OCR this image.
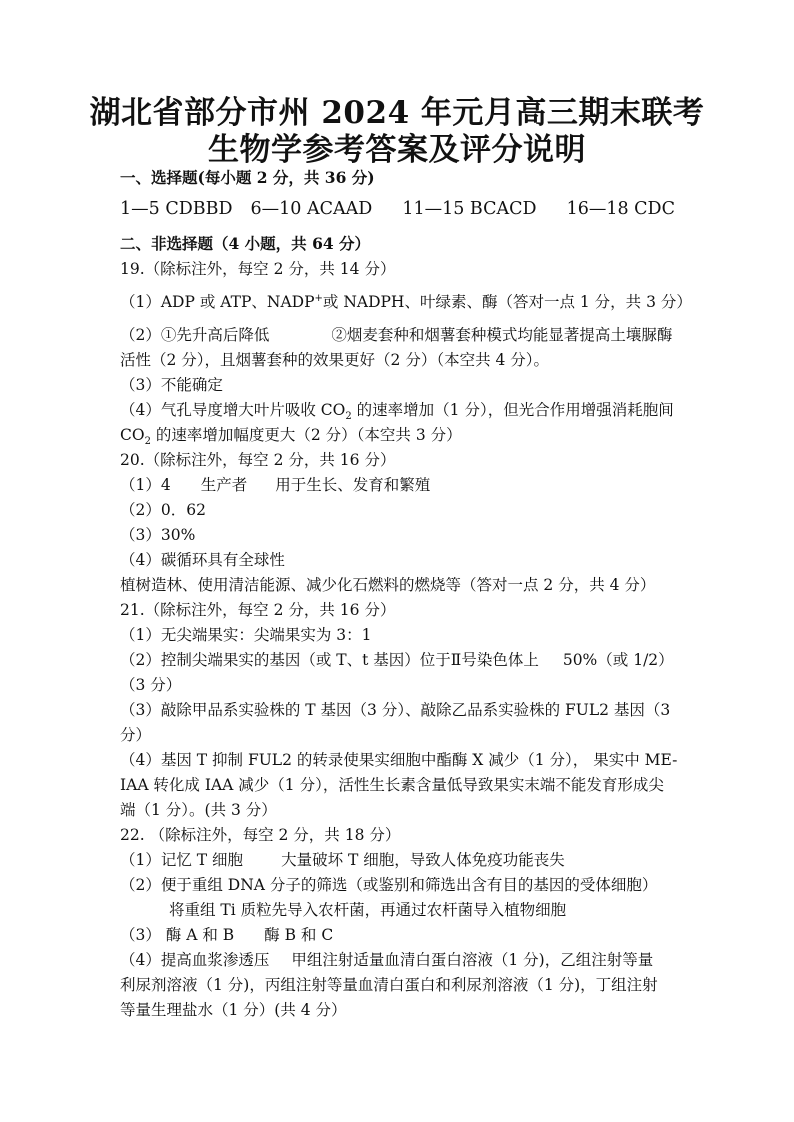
湖北省部分市州 2024 年元月高三期末联考
生物学参考答案及评分说明
一、选择题(每小题 2 分，共 36 分)
1—5 CDBBD 6—10 ACAAD 11—15 BCACD 16—18 CDC
二、非选择题（4 小题，共 64 分）
19.（除标注外，每空 2 分，共 14 分）
（1）ADP 或 ATP、NADP+或 NADPH、叶绿素、酶（答对一点 1 分，共 3 分）
（2）①先升高后降低	②烟麦套种和烟薯套种模式均能显著提高土壤脲酶
活性（2 分），且烟薯套种的效果更好（2 分）（本空共 4 分）。
（3）不能确定
（4）气孔导度增大叶片吸收 $CO_2$ 的速率增加（1 分），但光合作用增强消耗胞间
$CO_2$ 的速率增加幅度更大（2 分）（本空共 3 分）
20.（除标注外，每空 2 分，共 16 分）
（1）4 生产者 用于生长、发育和繁殖
（2）0．62
（3）30%
（4）碳循环具有全球性
植树造林、使用清洁能源、减少化石燃料的燃烧等（答对一点 2 分，共 4 分）
21.（除标注外，每空 2 分，共 16 分）
（1）无尖端果实：尖端果实为 3：1
（2）控制尖端果实的基因（或 T、t 基因）位于Ⅱ号染色体上 50%（或 1/2）
（3 分）
（3）敲除甲品系实验株的 T 基因（3 分）、敲除乙品系实验株的 FUL2 基因（3
分）
（4）基因 T 抑制 FUL2 的转录使果实细胞中酯酶 X 减少（1 分）， 果实中 ME-
IAA 转化成 IAA 减少（1 分），活性生长素含量低导致果实末端不能发育形成尖
端（1 分）。(共 3 分）
22. （除标注外，每空 2 分，共 18 分）
（1）记忆 T 细胞 大量破坏 T 细胞，导致人体免疫功能丧失
（2）便于重组 DNA 分子的筛选（或鉴别和筛选出含有目的基因的受体细胞）
将重组 Ti 质粒先导入农杆菌，再通过农杆菌导入植物细胞
（3） 酶 A 和 B 酶 B 和 C
（4）提高血浆渗透压 甲组注射适量血清白蛋白溶液（1 分)，乙组注射等量
利尿剂溶液（1 分)，丙组注射等量血清白蛋白和利尿剂溶液（1 分)，丁组注射
等量生理盐水（1 分）(共 4 分）
